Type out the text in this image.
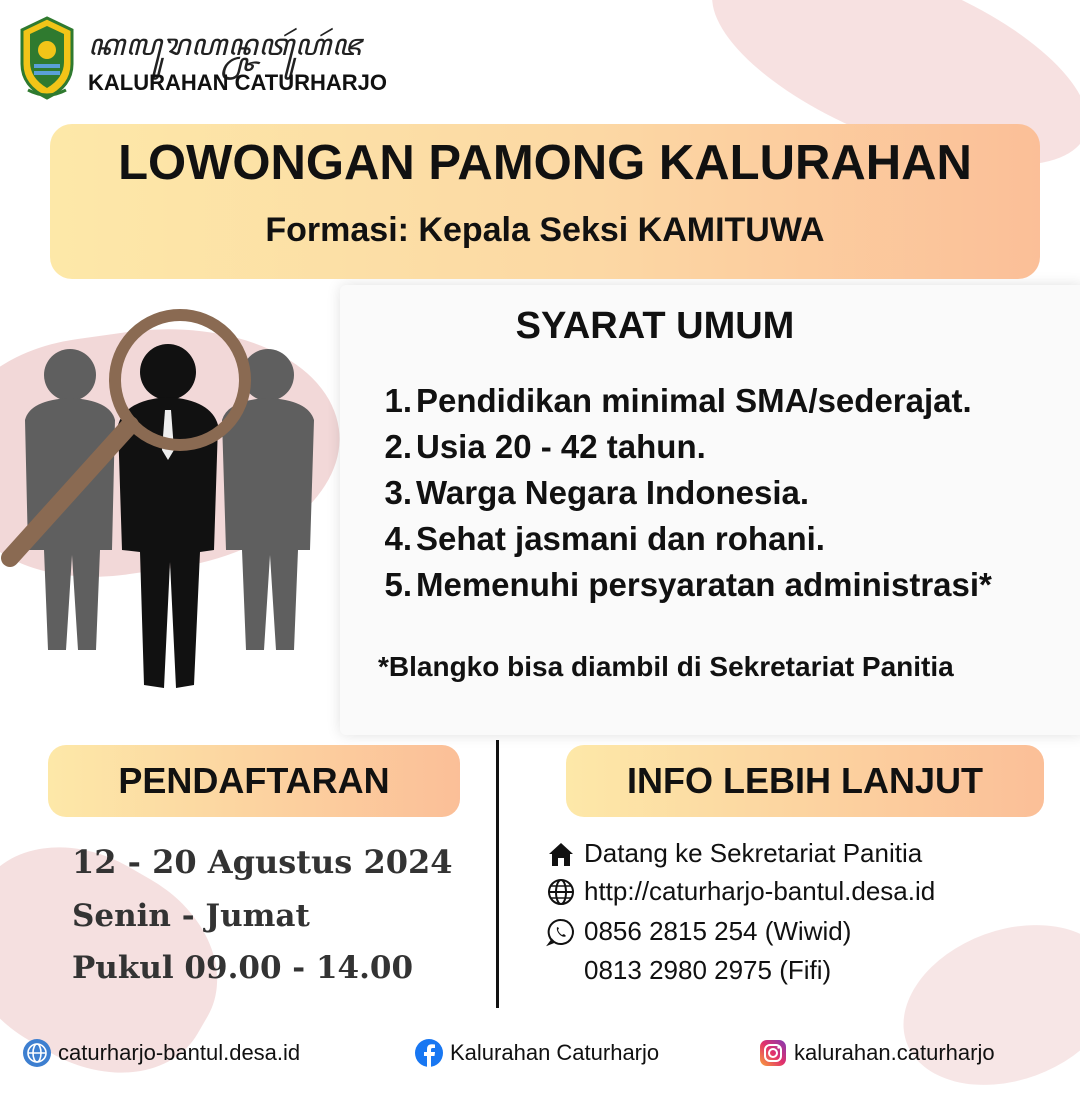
ꦏꦭꦸꦫꦲꦤ꧀ꦕꦠꦸꦂꦲꦂꦗ
KALURAHAN CATURHARJO
LOWONGAN PAMONG KALURAHAN
Formasi: Kepala Seksi KAMITUWA
SYARAT UMUM
1. Pendidikan minimal SMA/sederajat.
2. Usia 20 - 42 tahun.
3. Warga Negara Indonesia.
4. Sehat jasmani dan rohani.
5. Memenuhi persyaratan administrasi*
*Blangko bisa diambil di Sekretariat Panitia
PENDAFTARAN
12 - 20 Agustus 2024
Senin - Jumat
Pukul 09.00 - 14.00
INFO LEBIH LANJUT
Datang ke Sekretariat Panitia
http://caturharjo-bantul.desa.id
0856 2815 254 (Wiwid)
0813 2980 2975 (Fifi)
caturharjo-bantul.desa.id	Kalurahan Caturharjo	kalurahan.caturharjo
